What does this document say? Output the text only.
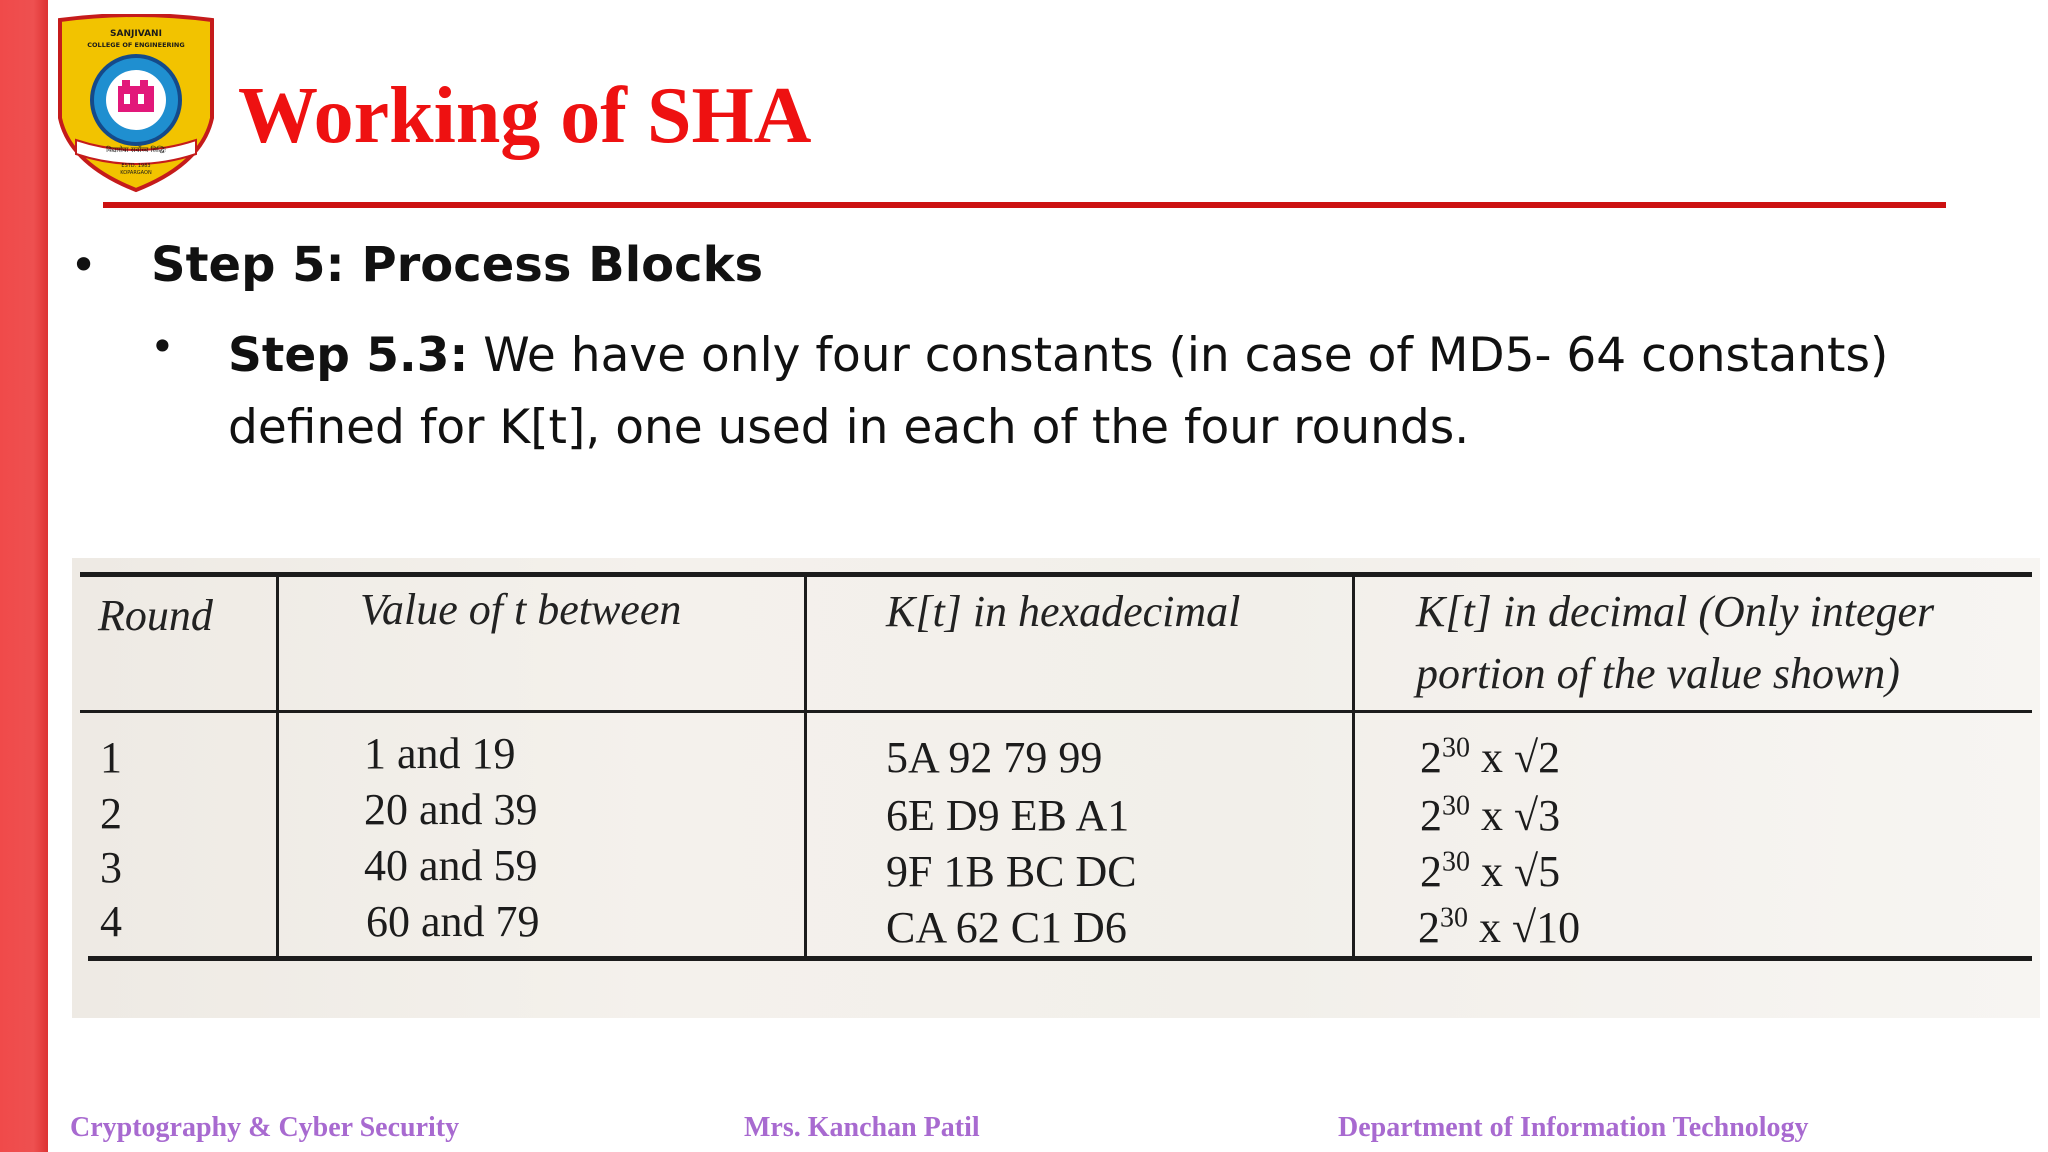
SANJIVANI
COLLEGE OF ENGINEERING
विद्यासेवा सर्वोच्च सिद्धिः
ESTD. 1983
KOPARGAON
Working of SHA
• Step 5: Process Blocks
• Step 5.3: We have only four constants (in case of MD5- 64 constants) defined for K[t], one used in each of the four rounds.
Round	Value of t between	K[t] in hexadecimal	K[t] in decimal (Only integer
portion of the value shown)
1	1 and 19	5A 92 79 99	$2^{30}$ x √2
2	20 and 39	6E D9 EB A1	$2^{30}$ x √3
3	40 and 59	9F 1B BC DC	$2^{30}$ x √5
4	60 and 79	CA 62 C1 D6	$2^{30}$ x √10
Cryptography & Cyber Security	Mrs. Kanchan Patil	Department of Information Technology
